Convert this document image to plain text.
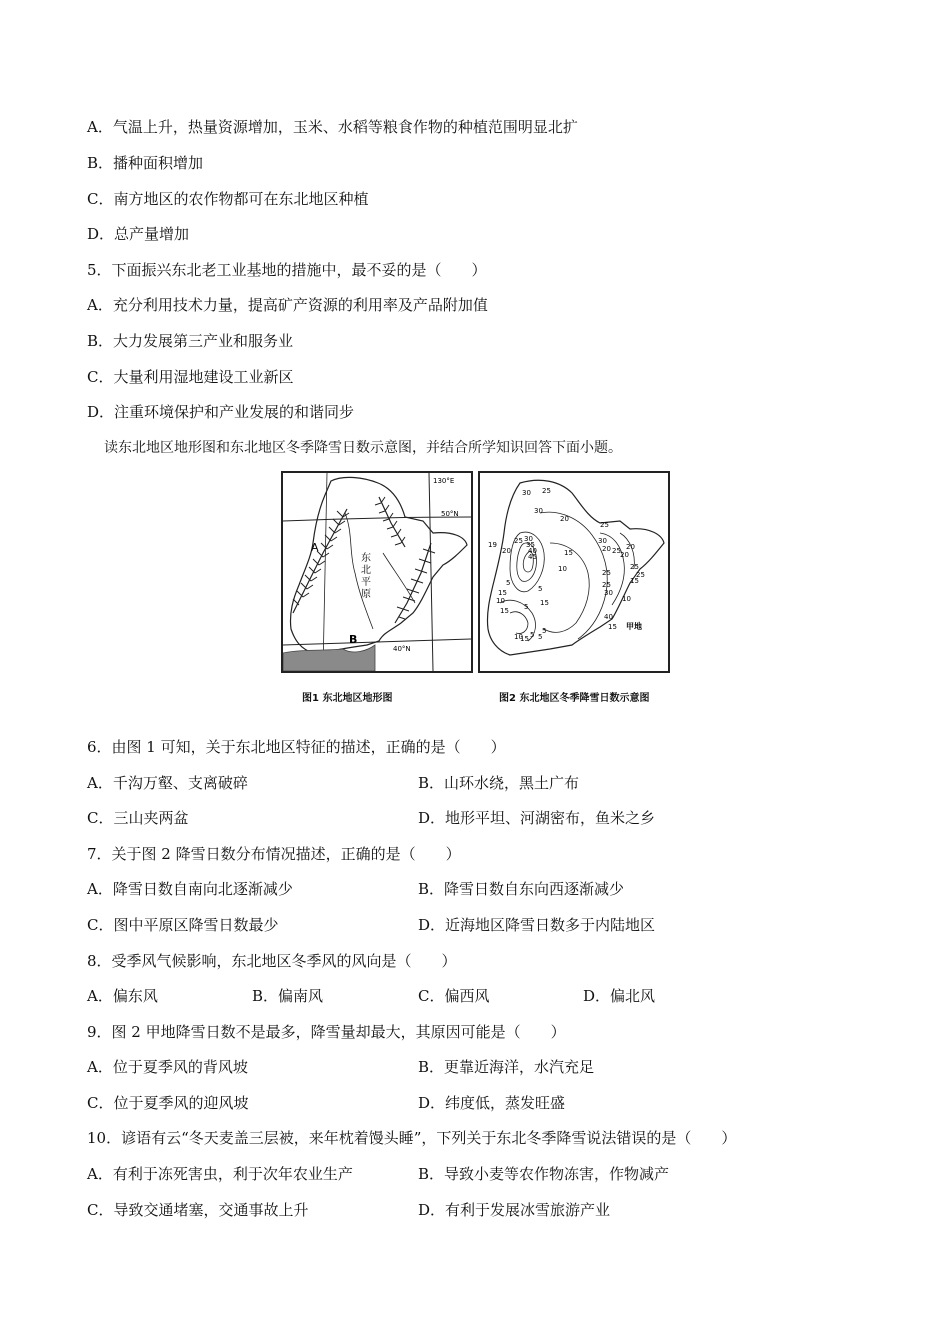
A．气温上升，热量资源增加，玉米、水稻等粮食作物的种植范围明显北扩
B．播种面积增加
C．南方地区的农作物都可在东北地区种植
D．总产量增加
5．下面振兴东北老工业基地的措施中，最不妥的是（　　）
A．充分利用技术力量，提高矿产资源的利用率及产品附加值
B．大力发展第三产业和服务业
C．大量利用湿地建设工业新区
D．注重环境保护和产业发展的和谐同步
读东北地区地形图和东北地区冬季降雪日数示意图，并结合所学知识回答下面小题。
130°E
50°N
40°N
A
B
东
北
平
原
图1 东北地区地形图
30 25
30
20
25
19
20
25 30
35
40
45	15
10
30
20 25 20
20
25
25
15
25
25
30
40
15
10
15
5
5
15
10
15 5
5
10
15 5 5
甲地
图2 东北地区冬季降雪日数示意图
6．由图 1 可知，关于东北地区特征的描述，正确的是（　　）
A．千沟万壑、支离破碎	B．山环水绕，黑土广布
C．三山夹两盆	D．地形平坦、河湖密布，鱼米之乡
7．关于图 2 降雪日数分布情况描述，正确的是（　　）
A．降雪日数自南向北逐渐减少	B．降雪日数自东向西逐渐减少
C．图中平原区降雪日数最少	D．近海地区降雪日数多于内陆地区
8．受季风气候影响，东北地区冬季风的风向是（　　）
A．偏东风	B．偏南风	C．偏西风	D．偏北风
9．图 2 甲地降雪日数不是最多，降雪量却最大，其原因可能是（　　）
A．位于夏季风的背风坡	B．更靠近海洋，水汽充足
C．位于夏季风的迎风坡	D．纬度低，蒸发旺盛
10．谚语有云“冬天麦盖三层被，来年枕着馒头睡”，下列关于东北冬季降雪说法错误的是（　　）
A．有利于冻死害虫，利于次年农业生产	B．导致小麦等农作物冻害，作物减产
C．导致交通堵塞，交通事故上升	D．有利于发展冰雪旅游产业
